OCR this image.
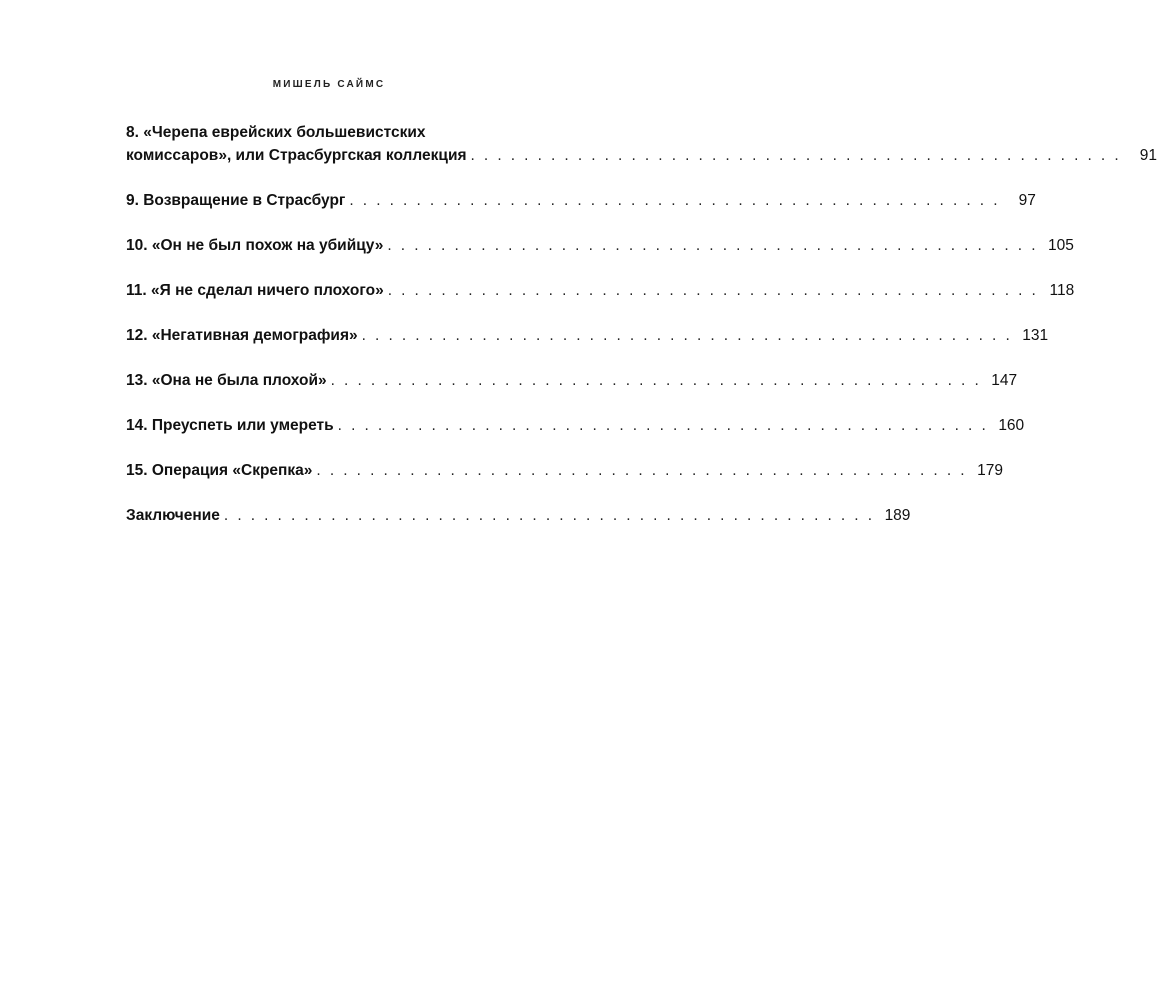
МИШЕЛЬ САЙМС
8. «Черепа еврейских большевистских
комиссаров», или Страсбургская коллекция . . . . . . . . . . . . . . . . . . . . . . . . . . . . . . . . . . . . . . . . . . . . . . . . .	91
9. Возвращение в Страсбург . . . . . . . . . . . . . . . . . . . . . . . . . . . . . . . . . . . . . . . . . . . . . . . . .	97
10. «Он не был похож на убийцу» . . . . . . . . . . . . . . . . . . . . . . . . . . . . . . . . . . . . . . . . . . . . . . . . . 105
11. «Я не сделал ничего плохого» . . . . . . . . . . . . . . . . . . . . . . . . . . . . . . . . . . . . . . . . . . . . . . . . . 118
12. «Негативная демография» . . . . . . . . . . . . . . . . . . . . . . . . . . . . . . . . . . . . . . . . . . . . . . . . . 131
13. «Она не была плохой» . . . . . . . . . . . . . . . . . . . . . . . . . . . . . . . . . . . . . . . . . . . . . . . . . 147
14. Преуспеть или умереть . . . . . . . . . . . . . . . . . . . . . . . . . . . . . . . . . . . . . . . . . . . . . . . . . 160
15. Операция «Скрепка» . . . . . . . . . . . . . . . . . . . . . . . . . . . . . . . . . . . . . . . . . . . . . . . . . 179
Заключение . . . . . . . . . . . . . . . . . . . . . . . . . . . . . . . . . . . . . . . . . . . . . . . . . 189
